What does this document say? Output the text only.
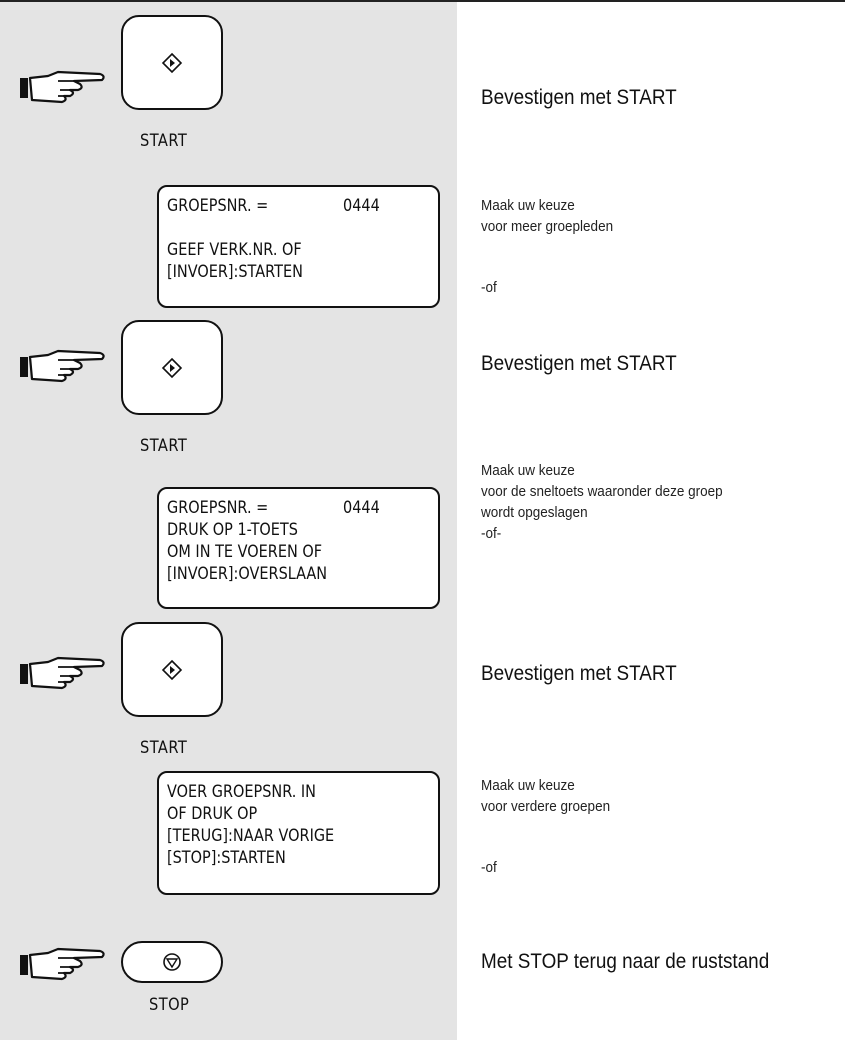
START
Bevestigen met START
GROEPSNR. =	0444
GEEF VERK.NR. OF
[INVOER]:STARTEN
Maak uw keuze
voor meer groepleden
-of
START
Bevestigen met START
Maak uw keuze
voor de sneltoets waaronder deze groep
wordt opgeslagen
-of-
GROEPSNR. =	0444
DRUK OP 1-TOETS
OM IN TE VOEREN OF
[INVOER]:OVERSLAAN
START
Bevestigen met START
VOER GROEPSNR. IN
OF DRUK OP
[TERUG]:NAAR VORIGE
[STOP]:STARTEN
Maak uw keuze
voor verdere groepen
-of
STOP
Met STOP terug naar de ruststand
